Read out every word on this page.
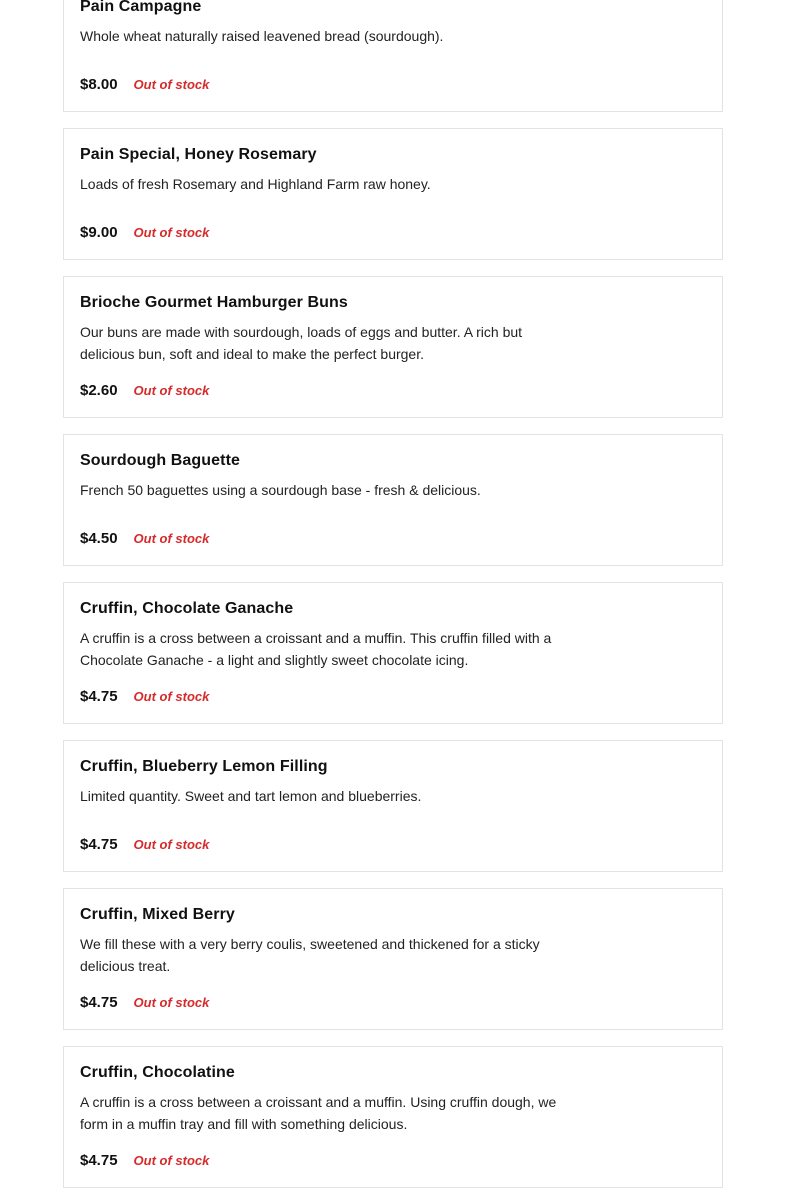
Pain Campagne

Whole wheat naturally raised leavened bread (sourdough).

$8.00 Out of stock
Pain Special, Honey Rosemary

Loads of fresh Rosemary and Highland Farm raw honey.

$9.00 Out of stock
Brioche Gourmet Hamburger Buns

Our buns are made with sourdough, loads of eggs and butter. A rich but delicious bun, soft and ideal to make the perfect burger.

$2.60 Out of stock
Sourdough Baguette

French 50 baguettes using a sourdough base - fresh & delicious.

$4.50 Out of stock
Cruffin, Chocolate Ganache

A cruffin is a cross between a croissant and a muffin. This cruffin filled with a Chocolate Ganache - a light and slightly sweet chocolate icing.

$4.75 Out of stock
Cruffin, Blueberry Lemon Filling

Limited quantity. Sweet and tart lemon and blueberries.

$4.75 Out of stock
Cruffin, Mixed Berry

We fill these with a very berry coulis, sweetened and thickened for a sticky delicious treat.

$4.75 Out of stock
Cruffin, Chocolatine

A cruffin is a cross between a croissant and a muffin. Using cruffin dough, we form in a muffin tray and fill with something delicious.

$4.75 Out of stock
